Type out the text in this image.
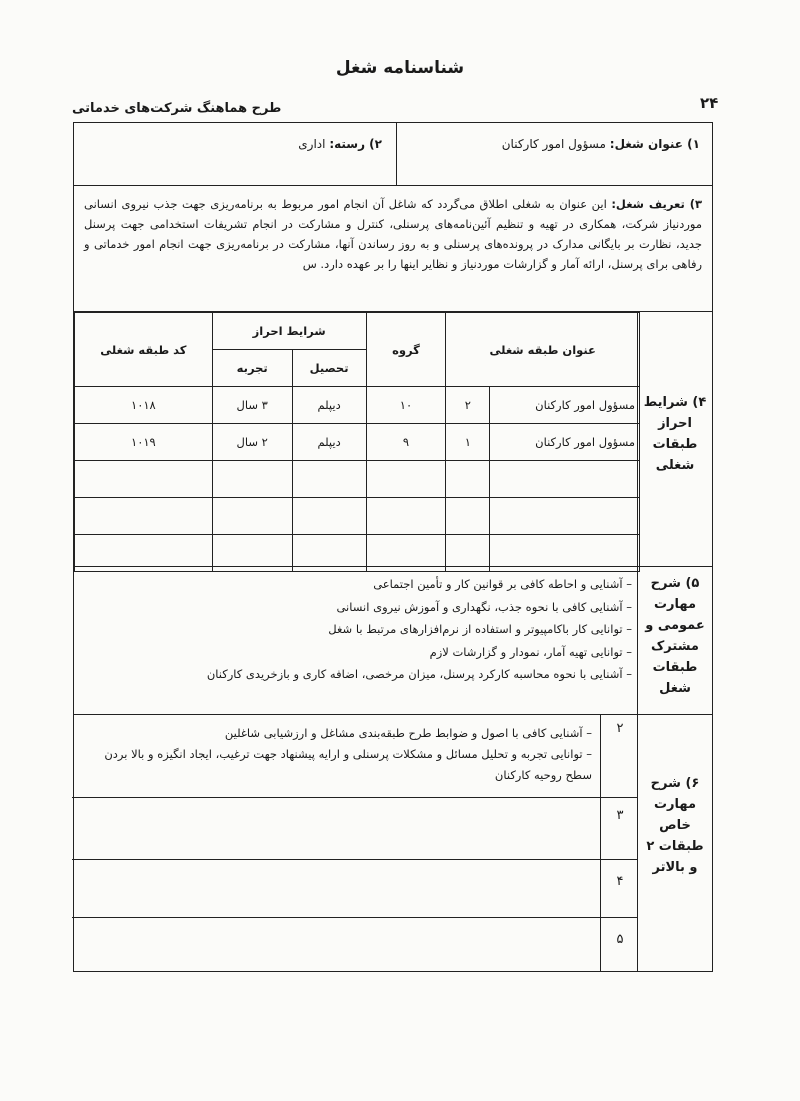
شناسنامه شغل
۲۴
طرح هماهنگ شرکت‌های خدماتی
۱) عنوان شغل: مسؤول امور کارکنان
۲) رسته: اداری
۳) تعریف شغل: این عنوان به شغلی اطلاق می‌گردد که شاغل آن انجام امور مربوط به برنامه‌ریزی جهت جذب نیروی انسانی موردنیاز شرکت، همکاری در تهیه و تنظیم آئین‌نامه‌های پرسنلی، کنترل و مشارکت در انجام تشریفات استخدامی جهت پرسنل جدید، نظارت بر بایگانی مدارک در پرونده‌های پرسنلی و به روز رساندن آنها، مشارکت در برنامه‌ریزی جهت انجام امور خدماتی و رفاهی برای پرسنل، ارائه آمار و گزارشات موردنیاز و نظایر اینها را بر عهده دارد. س
۴) شرایط
احراز
طبقات
شغلی
عنوان طبقه شغلی		گروه	شرایط احراز		کد طبقه شغلی
			تحصیل	تجربه	
مسؤول امور کارکنان	۲	۱۰	دیپلم	۳ سال	۱۰۱۸
مسؤول امور کارکنان	۱	۹	دیپلم	۲ سال	۱۰۱۹

۵) شرح
مهارت
عمومی و
مشترک
طبقات
شغل
– آشنایی و احاطه کافی بر قوانین کار و تأمین اجتماعی
– آشنایی کافی با نحوه جذب، نگهداری و آموزش نیروی انسانی
– توانایی کار باکامپیوتر و استفاده از نرم‌افزارهای مرتبط با شغل
– توانایی تهیه آمار، نمودار و گزارشات لازم
– آشنایی با نحوه محاسبه کارکرد پرسنل، میزان مرخصی، اضافه کاری و بازخریدی کارکنان
۶) شرح
مهارت
خاص
طبقات ۲
و بالاتر
۲
– آشنایی کافی با اصول و ضوابط طرح طبقه‌بندی مشاغل و ارزشیابی شاغلین
– توانایی تجربه و تحلیل مسائل و مشکلات پرسنلی و ارایه پیشنهاد جهت ترغیب، ایجاد انگیزه و بالا بردن سطح روحیه کارکنان
۳
۴
۵
